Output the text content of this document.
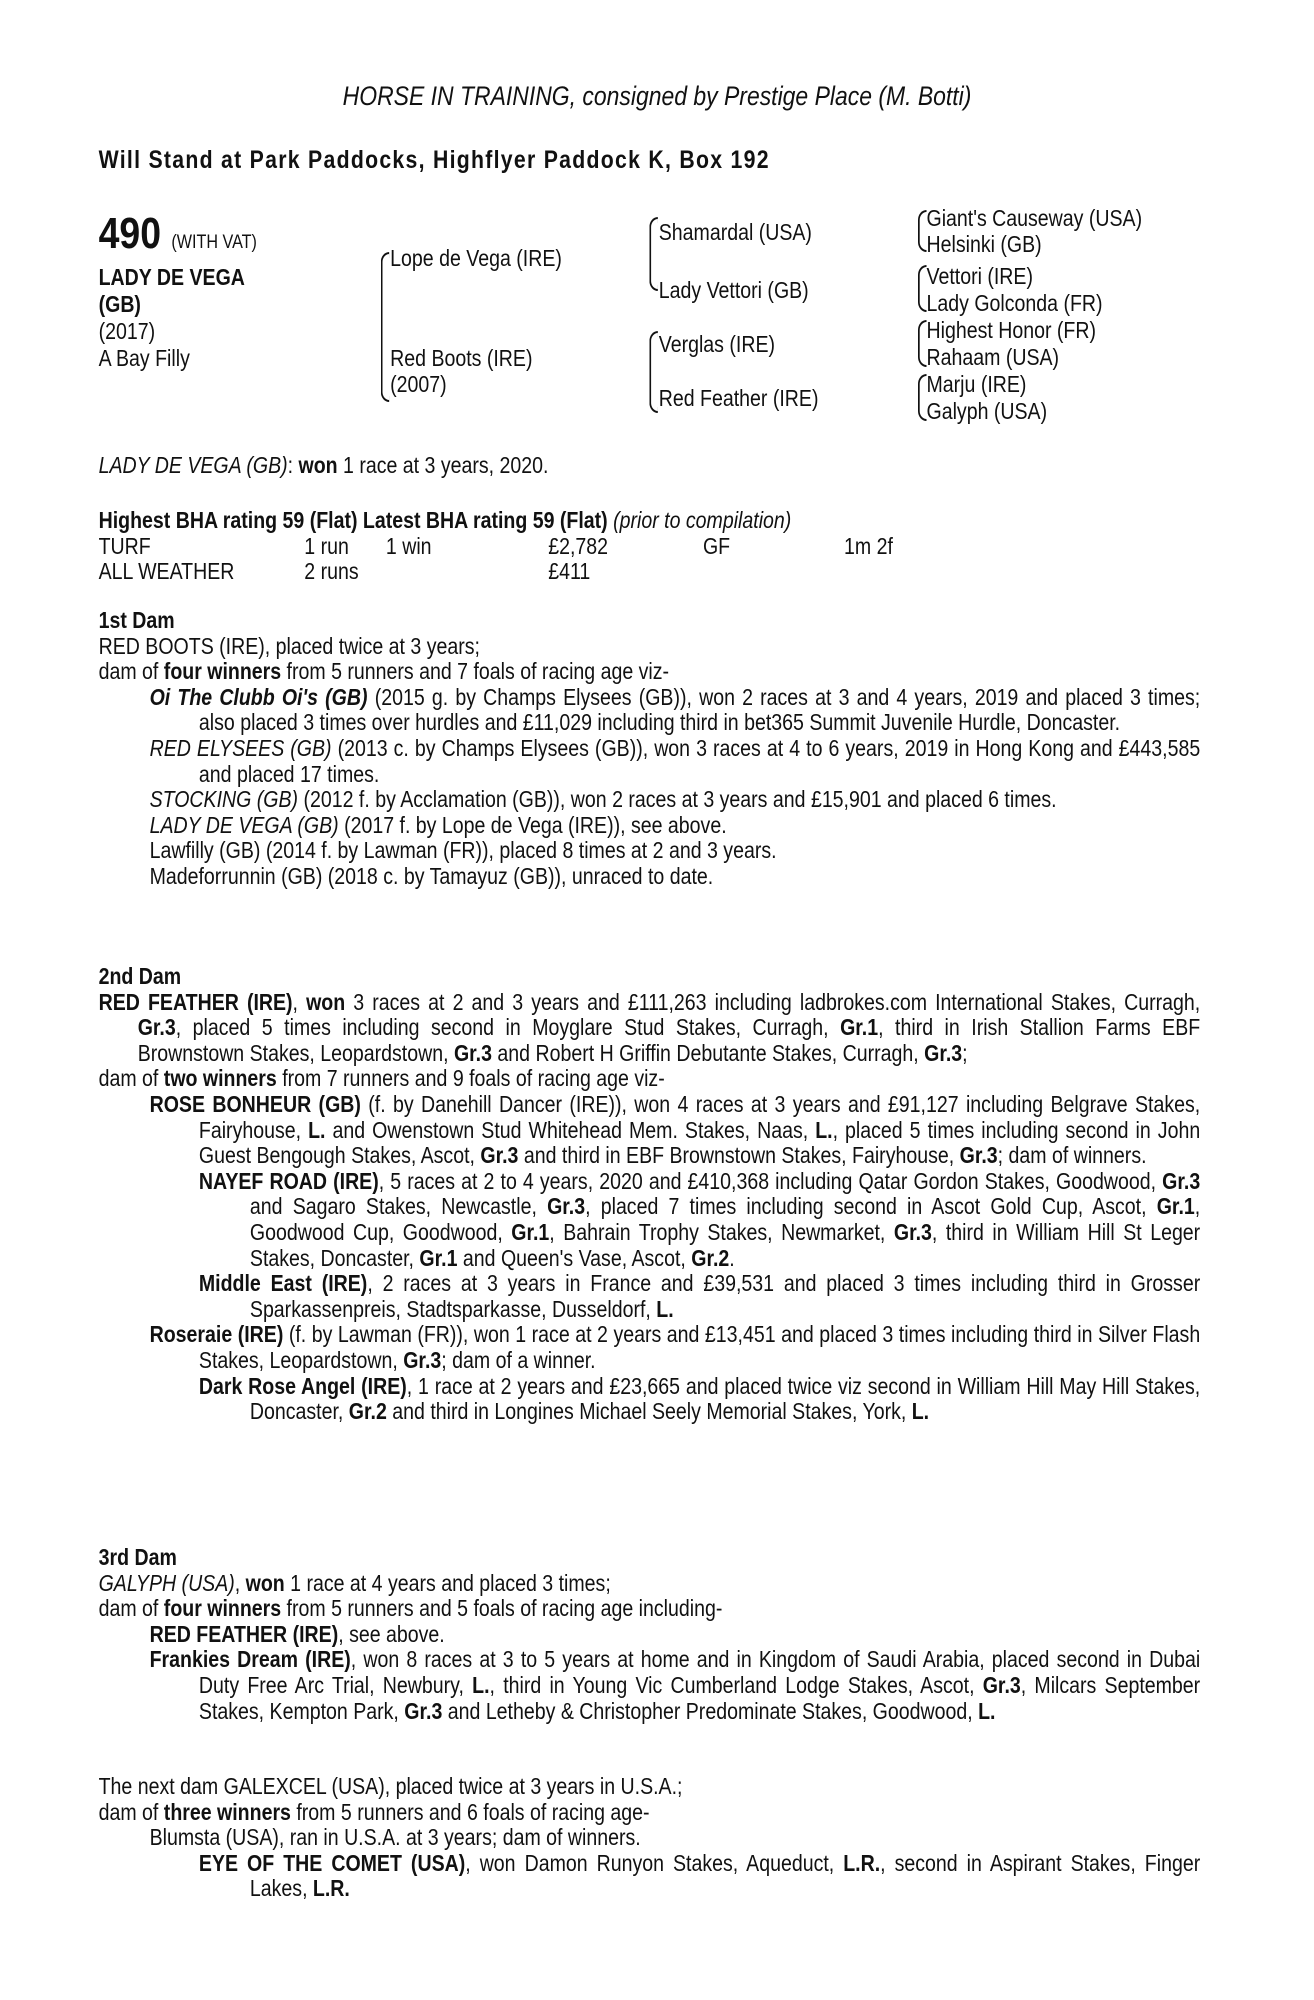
HORSE IN TRAINING, consigned by Prestige Place (M. Botti)
Will Stand at Park Paddocks, Highflyer Paddock K, Box 192
490 (WITH VAT)
LADY DE VEGA
(GB)
(2017)
A Bay Filly
Lope de Vega (IRE)
Red Boots (IRE)
(2007)
Shamardal (USA)
Lady Vettori (GB)
Verglas (IRE)
Red Feather (IRE)
Giant's Causeway (USA)
Helsinki (GB)
Vettori (IRE)
Lady Golconda (FR)
Highest Honor (FR)
Rahaam (USA)
Marju (IRE)
Galyph (USA)
LADY DE VEGA (GB): won 1 race at 3 years, 2020.
Highest BHA rating 59 (Flat) Latest BHA rating 59 (Flat) (prior to compilation)
TURF	1 run 1 win	£2,782	GF	1m 2f
ALL WEATHER	2 runs	£411
1st Dam
RED BOOTS (IRE), placed twice at 3 years;
dam of four winners from 5 runners and 7 foals of racing age viz-
Oi The Clubb Oi's (GB) (2015 g. by Champs Elysees (GB)), won 2 races at 3 and 4 years, 2019 and placed 3 times; also placed 3 times over hurdles and £11,029 including third in bet365 Summit Juvenile Hurdle, Doncaster.
RED ELYSEES (GB) (2013 c. by Champs Elysees (GB)), won 3 races at 4 to 6 years, 2019 in Hong Kong and £443,585 and placed 17 times.
STOCKING (GB) (2012 f. by Acclamation (GB)), won 2 races at 3 years and £15,901 and placed 6 times.
LADY DE VEGA (GB) (2017 f. by Lope de Vega (IRE)), see above.
Lawfilly (GB) (2014 f. by Lawman (FR)), placed 8 times at 2 and 3 years.
Madeforrunnin (GB) (2018 c. by Tamayuz (GB)), unraced to date.
2nd Dam
RED FEATHER (IRE), won 3 races at 2 and 3 years and £111,263 including ladbrokes.com International Stakes, Curragh, Gr.3, placed 5 times including second in Moyglare Stud Stakes, Curragh, Gr.1, third in Irish Stallion Farms EBF Brownstown Stakes, Leopardstown, Gr.3 and Robert H Griffin Debutante Stakes, Curragh, Gr.3;
dam of two winners from 7 runners and 9 foals of racing age viz-
ROSE BONHEUR (GB) (f. by Danehill Dancer (IRE)), won 4 races at 3 years and £91,127 including Belgrave Stakes, Fairyhouse, L. and Owenstown Stud Whitehead Mem. Stakes, Naas, L., placed 5 times including second in John Guest Bengough Stakes, Ascot, Gr.3 and third in EBF Brownstown Stakes, Fairyhouse, Gr.3; dam of winners.
NAYEF ROAD (IRE), 5 races at 2 to 4 years, 2020 and £410,368 including Qatar Gordon Stakes, Goodwood, Gr.3 and Sagaro Stakes, Newcastle, Gr.3, placed 7 times including second in Ascot Gold Cup, Ascot, Gr.1, Goodwood Cup, Goodwood, Gr.1, Bahrain Trophy Stakes, Newmarket, Gr.3, third in William Hill St Leger Stakes, Doncaster, Gr.1 and Queen's Vase, Ascot, Gr.2.
Middle East (IRE), 2 races at 3 years in France and £39,531 and placed 3 times including third in Grosser Sparkassenpreis, Stadtsparkasse, Dusseldorf, L.
Roseraie (IRE) (f. by Lawman (FR)), won 1 race at 2 years and £13,451 and placed 3 times including third in Silver Flash Stakes, Leopardstown, Gr.3; dam of a winner.
Dark Rose Angel (IRE), 1 race at 2 years and £23,665 and placed twice viz second in William Hill May Hill Stakes, Doncaster, Gr.2 and third in Longines Michael Seely Memorial Stakes, York, L.
3rd Dam
GALYPH (USA), won 1 race at 4 years and placed 3 times;
dam of four winners from 5 runners and 5 foals of racing age including-
RED FEATHER (IRE), see above.
Frankies Dream (IRE), won 8 races at 3 to 5 years at home and in Kingdom of Saudi Arabia, placed second in Dubai Duty Free Arc Trial, Newbury, L., third in Young Vic Cumberland Lodge Stakes, Ascot, Gr.3, Milcars September Stakes, Kempton Park, Gr.3 and Letheby & Christopher Predominate Stakes, Goodwood, L.
The next dam GALEXCEL (USA), placed twice at 3 years in U.S.A.;
dam of three winners from 5 runners and 6 foals of racing age-
Blumsta (USA), ran in U.S.A. at 3 years; dam of winners.
EYE OF THE COMET (USA), won Damon Runyon Stakes, Aqueduct, L.R., second in Aspirant Stakes, Finger Lakes, L.R.
